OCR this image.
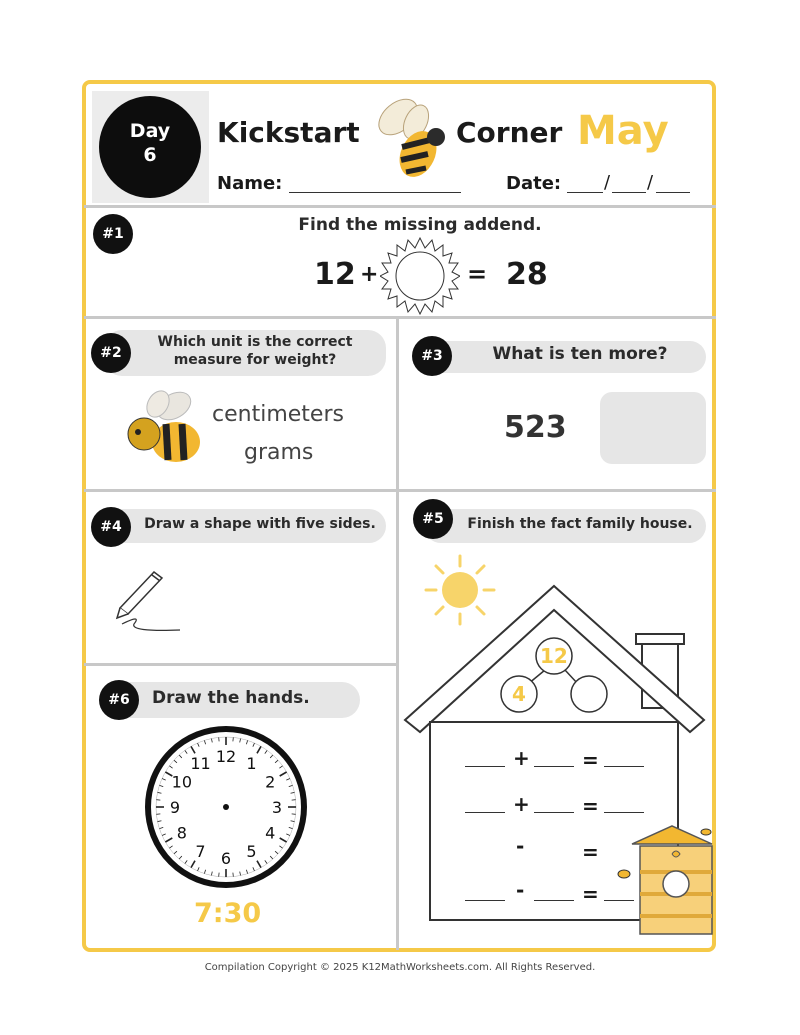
Day
6
Kickstart	Corner May
Name:	Date: / /
#1	Find the missing addend.
12 +	= 28
#2
Which unit is the correct
measure for weight?
centimeters
grams
#3	What is ten more?
523
#4	Draw a shape with five sides.	#5	Finish the fact family house.
12
4
+	=
+	=
-	=
-	=
#6	Draw the hands.
12 1
2
3
4
5
6
7
8
9
10
11
7:30
Compilation Copyright © 2025 K12MathWorksheets.com. All Rights Reserved.
